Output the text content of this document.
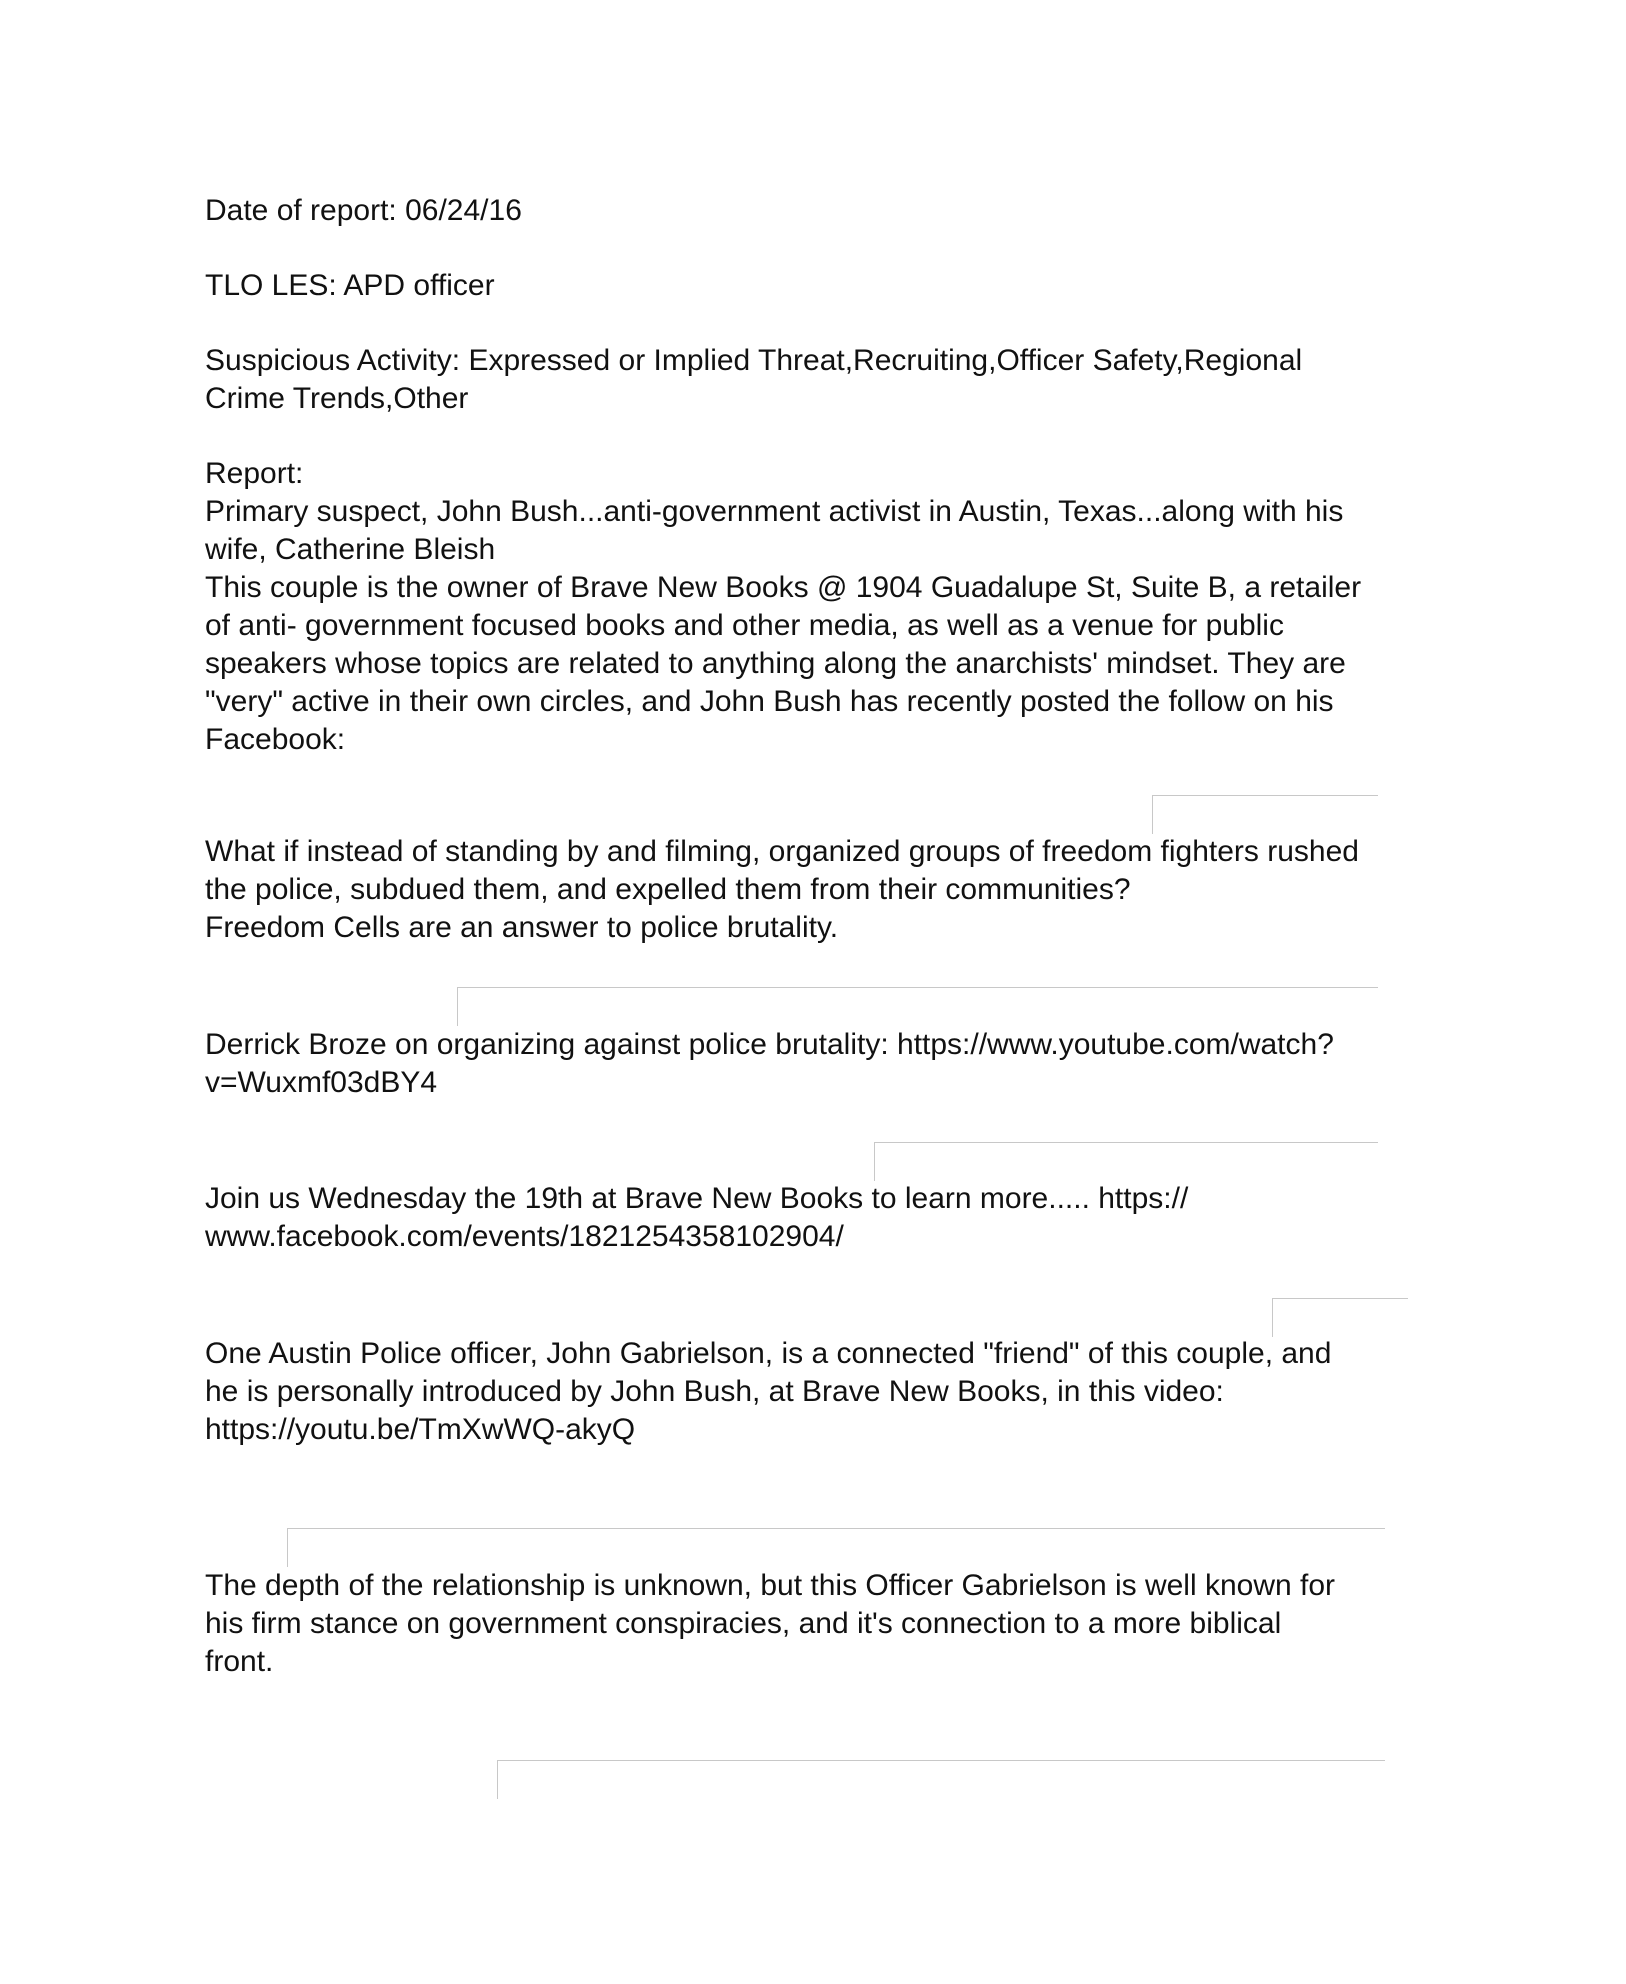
Date of report: 06/24/16

TLO LES: APD officer

Suspicious Activity: Expressed or Implied Threat,Recruiting,Officer Safety,Regional
Crime Trends,Other

Report:
Primary suspect, John Bush...anti-government activist in Austin, Texas...along with his
wife, Catherine Bleish
This couple is the owner of Brave New Books @ 1904 Guadalupe St, Suite B, a retailer
of anti- government focused books and other media, as well as a venue for public
speakers whose topics are related to anything along the anarchists' mindset. They are
"very" active in their own circles, and John Bush has recently posted the follow on his
Facebook:

What if instead of standing by and filming, organized groups of freedom fighters rushed
the police, subdued them, and expelled them from their communities?
Freedom Cells are an answer to police brutality.

Derrick Broze on organizing against police brutality: https://www.youtube.com/watch?
v=Wuxmf03dBY4

Join us Wednesday the 19th at Brave New Books to learn more..... https://
www.facebook.com/events/1821254358102904/

One Austin Police officer, John Gabrielson, is a connected "friend" of this couple, and
he is personally introduced by John Bush, at Brave New Books, in this video:
https://youtu.be/TmXwWQ-akyQ

The depth of the relationship is unknown, but this Officer Gabrielson is well known for
his firm stance on government conspiracies, and it's connection to a more biblical
front.
